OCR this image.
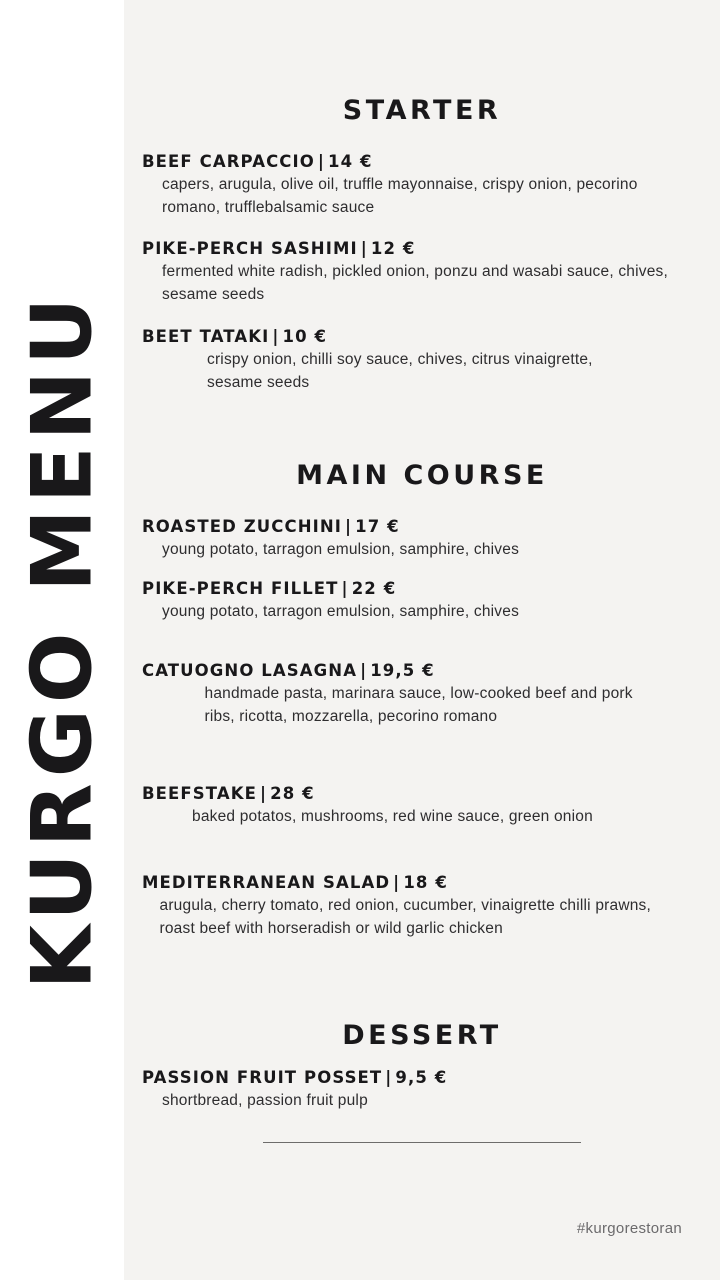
KURGO MENU
STARTER
BEEF CARPACCIO | 14 €
capers, arugula, olive oil, truffle mayonnaise, crispy onion, pecorino romano, trufflebalsamic sauce
PIKE-PERCH SASHIMI | 12 €
fermented white radish, pickled onion, ponzu and wasabi sauce, chives, sesame seeds
BEET TATAKI | 10 €
crispy onion, chilli soy sauce, chives, citrus vinaigrette, sesame seeds
MAIN COURSE
ROASTED ZUCCHINI | 17 €
young potato, tarragon emulsion, samphire, chives
PIKE-PERCH FILLET | 22 €
young potato, tarragon emulsion, samphire, chives
CATUOGNO LASAGNA | 19,5 €
handmade pasta, marinara sauce, low-cooked beef and pork ribs, ricotta, mozzarella, pecorino romano
BEEFSTAKE | 28 €
baked potatos, mushrooms, red wine sauce, green onion
MEDITERRANEAN SALAD | 18 €
arugula, cherry tomato, red onion, cucumber, vinaigrette chilli prawns, roast beef with horseradish or wild garlic chicken
DESSERT
PASSION FRUIT POSSET | 9,5 €
shortbread, passion fruit pulp
#kurgorestoran
